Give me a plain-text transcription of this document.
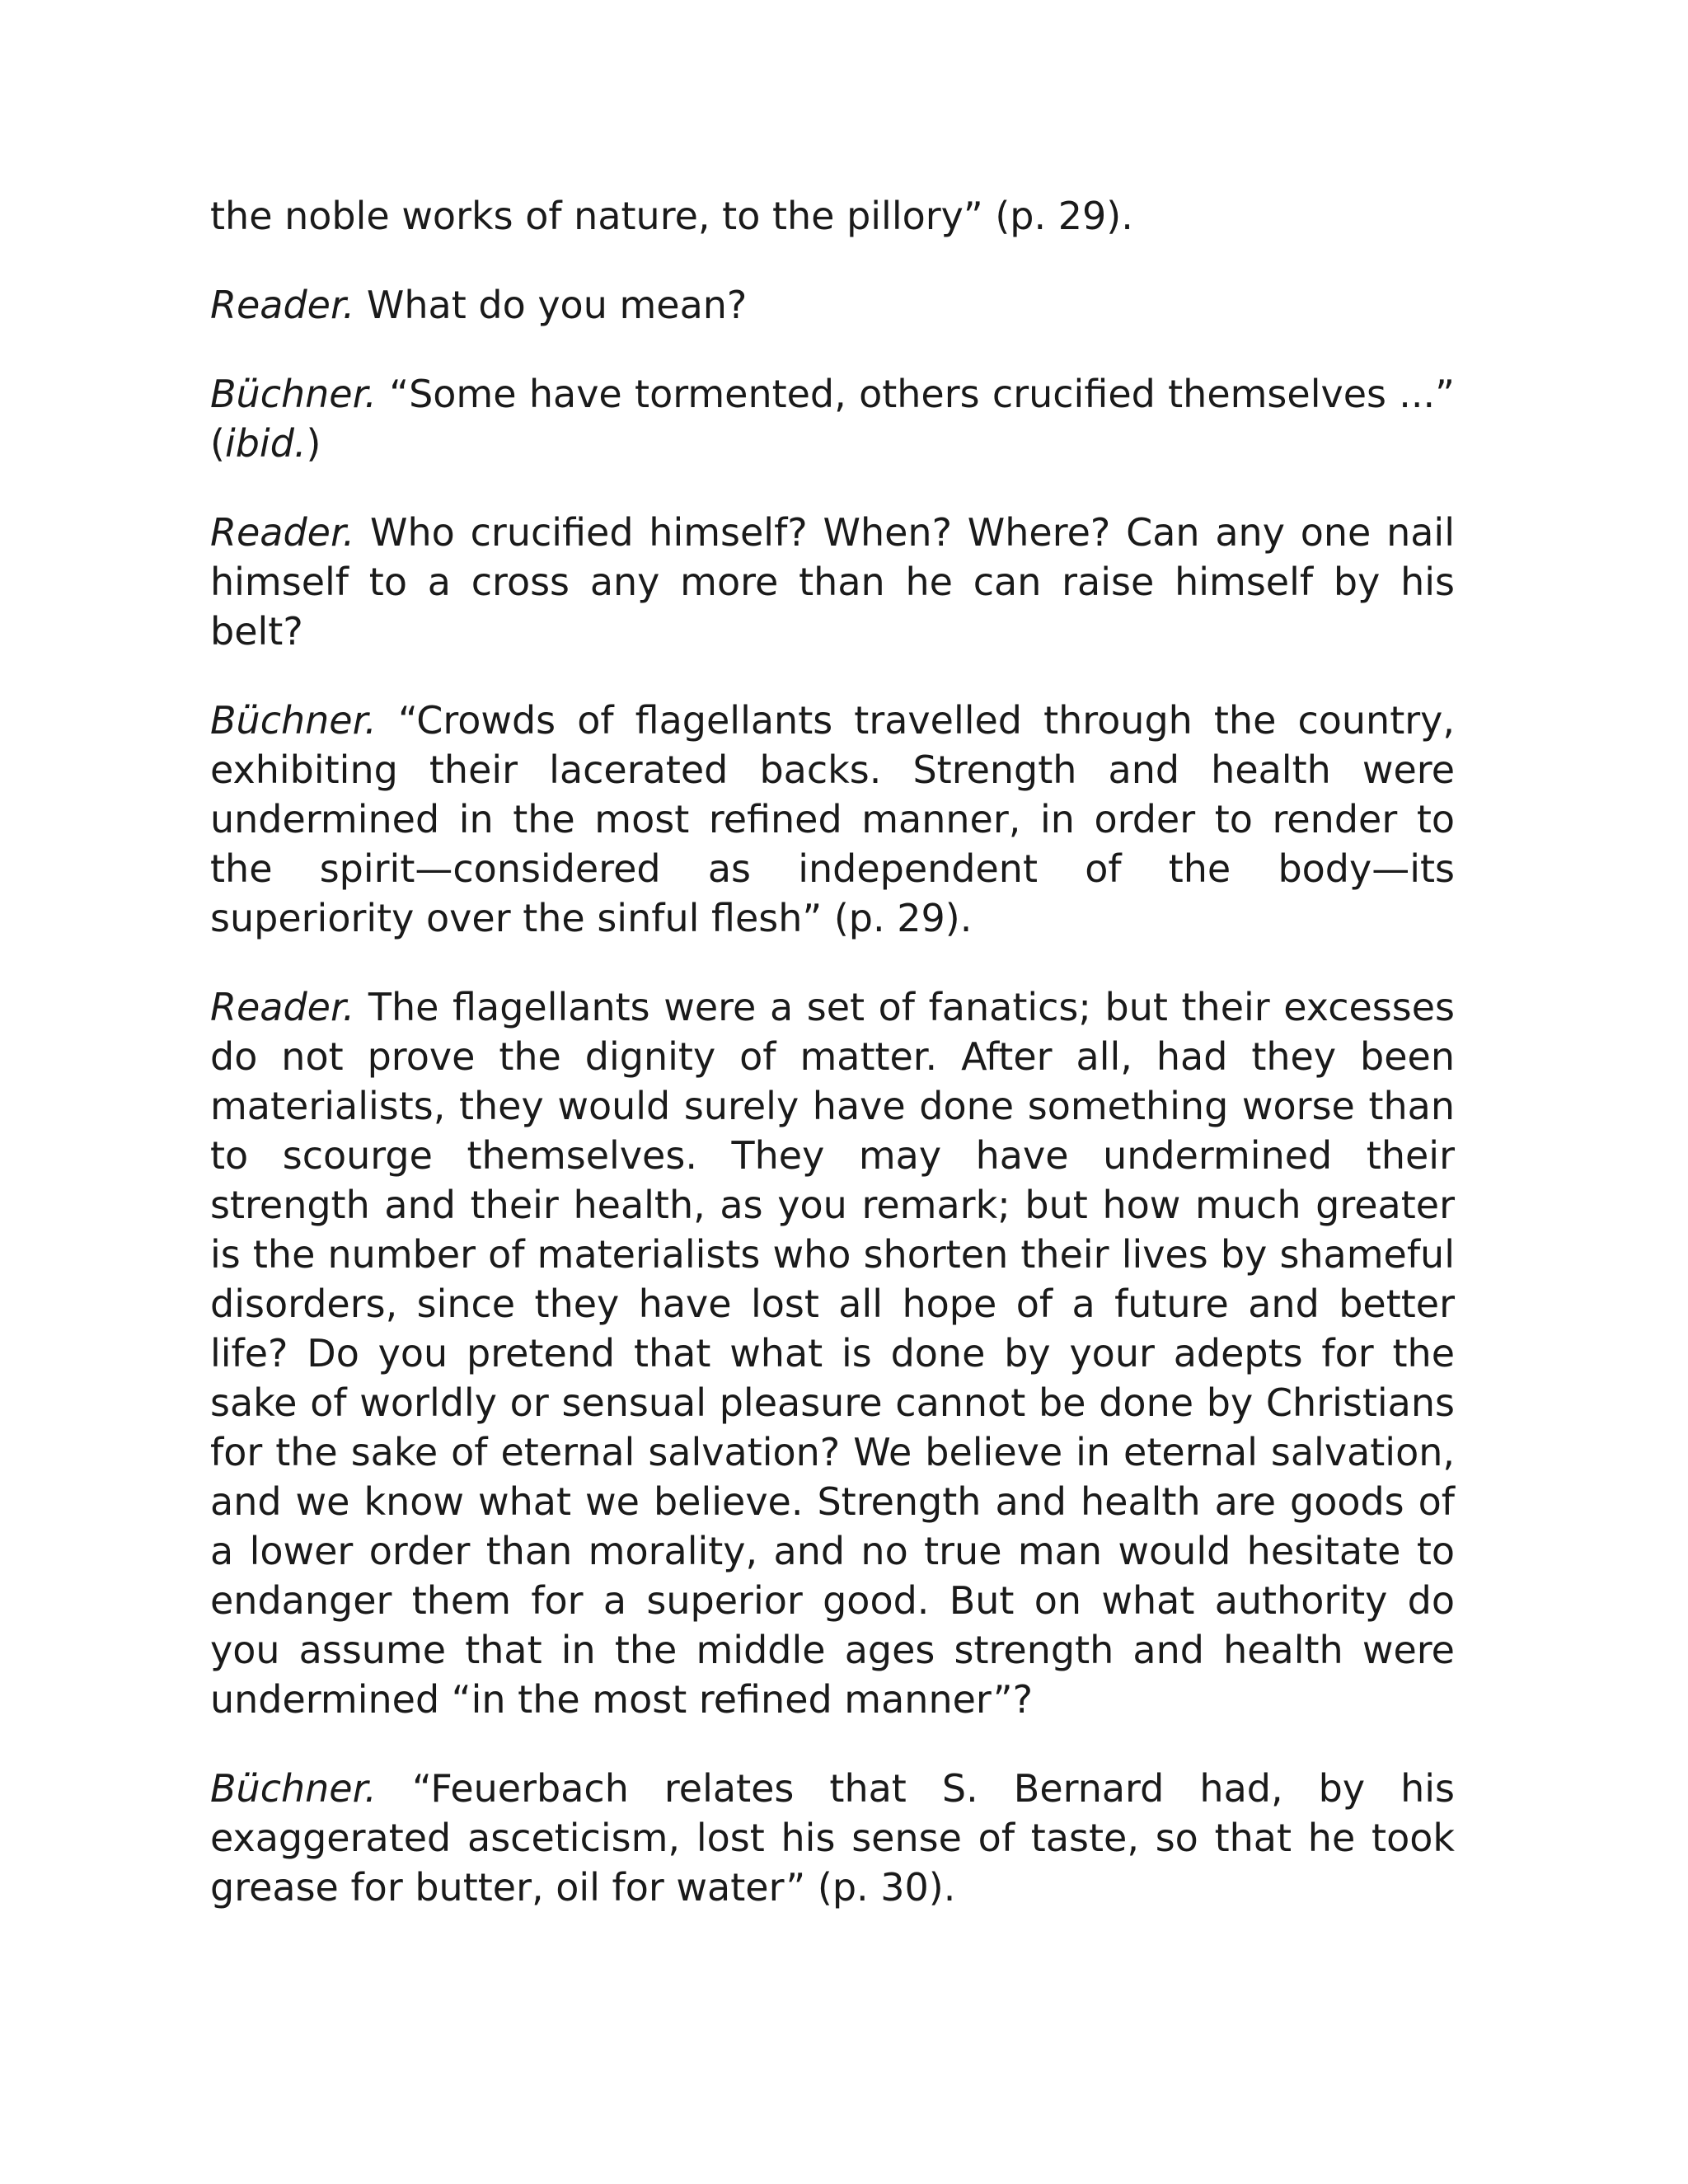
the noble works of nature, to the pillory” (p. 29).

Reader. What do you mean?

Büchner. “Some have tormented, others crucified themselves ...” (ibid.)

Reader. Who crucified himself? When? Where? Can any one nail himself to a cross any more than he can raise himself by his belt?

Büchner. “Crowds of flagellants travelled through the country, exhibiting their lacerated backs. Strength and health were undermined in the most refined manner, in order to render to the spirit—considered as independent of the body—its superiority over the sinful flesh” (p. 29).

Reader. The flagellants were a set of fanatics; but their excesses do not prove the dignity of matter. After all, had they been materialists, they would surely have done something worse than to scourge themselves. They may have undermined their strength and their health, as you remark; but how much greater is the number of materialists who shorten their lives by shameful disorders, since they have lost all hope of a future and better life? Do you pretend that what is done by your adepts for the sake of worldly or sensual pleasure cannot be done by Christians for the sake of eternal salvation? We believe in eternal salvation, and we know what we believe. Strength and health are goods of a lower order than morality, and no true man would hesitate to endanger them for a superior good. But on what authority do you assume that in the middle ages strength and health were undermined “in the most refined manner”?

Büchner. “Feuerbach relates that S. Bernard had, by his exaggerated asceticism, lost his sense of taste, so that he took grease for butter, oil for water” (p. 30).
